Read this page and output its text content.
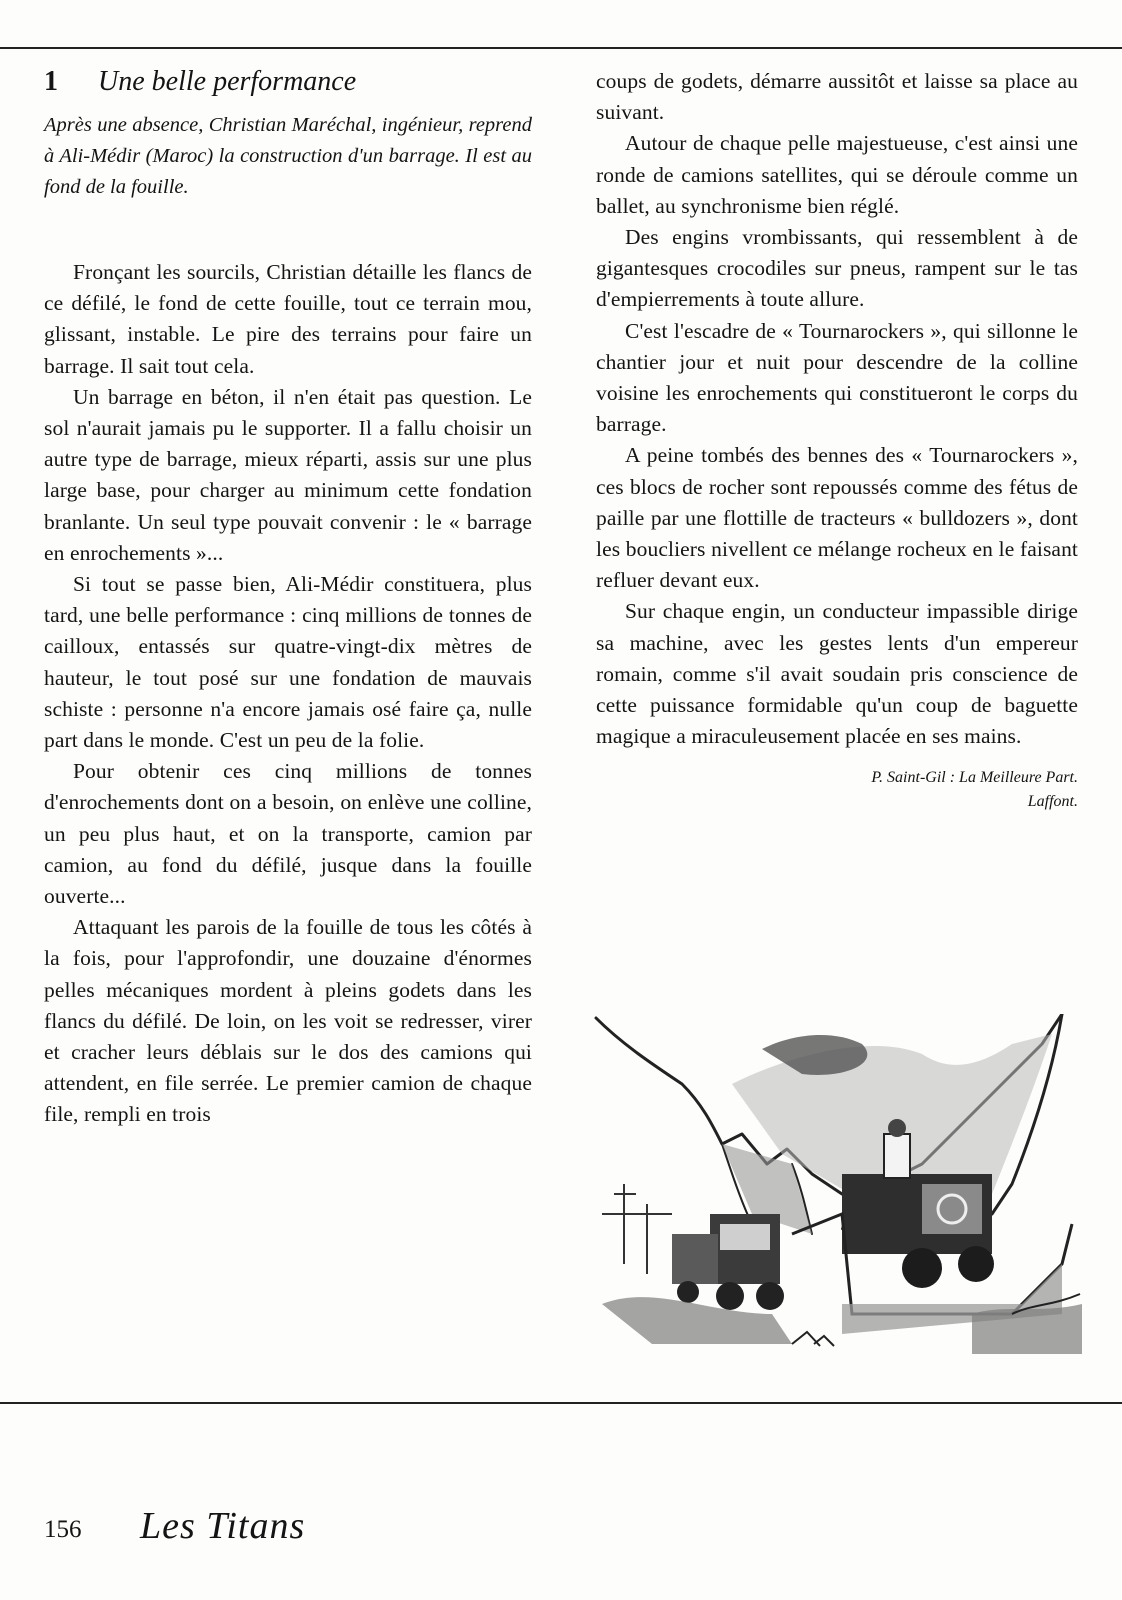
1	Une belle performance

Après une absence, Christian Maréchal, ingénieur, reprend à Ali-Médir (Maroc) la construction d'un barrage. Il est au fond de la fouille.

Fronçant les sourcils, Christian détaille les flancs de ce défilé, le fond de cette fouille, tout ce terrain mou, glissant, instable. Le pire des terrains pour faire un barrage. Il sait tout cela.

Un barrage en béton, il n'en était pas question. Le sol n'aurait jamais pu le supporter. Il a fallu choisir un autre type de barrage, mieux réparti, assis sur une plus large base, pour charger au minimum cette fondation branlante. Un seul type pouvait convenir : le « barrage en enrochements »...

Si tout se passe bien, Ali-Médir constituera, plus tard, une belle performance : cinq millions de tonnes de cailloux, entassés sur quatre-vingt-dix mètres de hauteur, le tout posé sur une fondation de mauvais schiste : personne n'a encore jamais osé faire ça, nulle part dans le monde. C'est un peu de la folie.

Pour obtenir ces cinq millions de tonnes d'enrochements dont on a besoin, on enlève une colline, un peu plus haut, et on la transporte, camion par camion, au fond du défilé, jusque dans la fouille ouverte...

Attaquant les parois de la fouille de tous les côtés à la fois, pour l'approfondir, une douzaine d'énormes pelles mécaniques mordent à pleins godets dans les flancs du défilé. De loin, on les voit se redresser, virer et cracher leurs déblais sur le dos des camions qui attendent, en file serrée. Le premier camion de chaque file, rempli en trois

coups de godets, démarre aussitôt et laisse sa place au suivant.

Autour de chaque pelle majestueuse, c'est ainsi une ronde de camions satellites, qui se déroule comme un ballet, au synchronisme bien réglé.

Des engins vrombissants, qui ressemblent à de gigantesques crocodiles sur pneus, rampent sur le tas d'empierrements à toute allure.

C'est l'escadre de « Tournarockers », qui sillonne le chantier jour et nuit pour descendre de la colline voisine les enrochements qui constitueront le corps du barrage.

A peine tombés des bennes des « Tournarockers », ces blocs de rocher sont repoussés comme des fétus de paille par une flottille de tracteurs « bulldozers », dont les boucliers nivellent ce mélange rocheux en le faisant refluer devant eux.

Sur chaque engin, un conducteur impassible dirige sa machine, avec les gestes lents d'un empereur romain, comme s'il avait soudain pris conscience de cette puissance formidable qu'un coup de baguette magique a miraculeusement placée en ses mains.

P. Saint-Gil : La Meilleure Part.
Laffont.
156 Les Titans
